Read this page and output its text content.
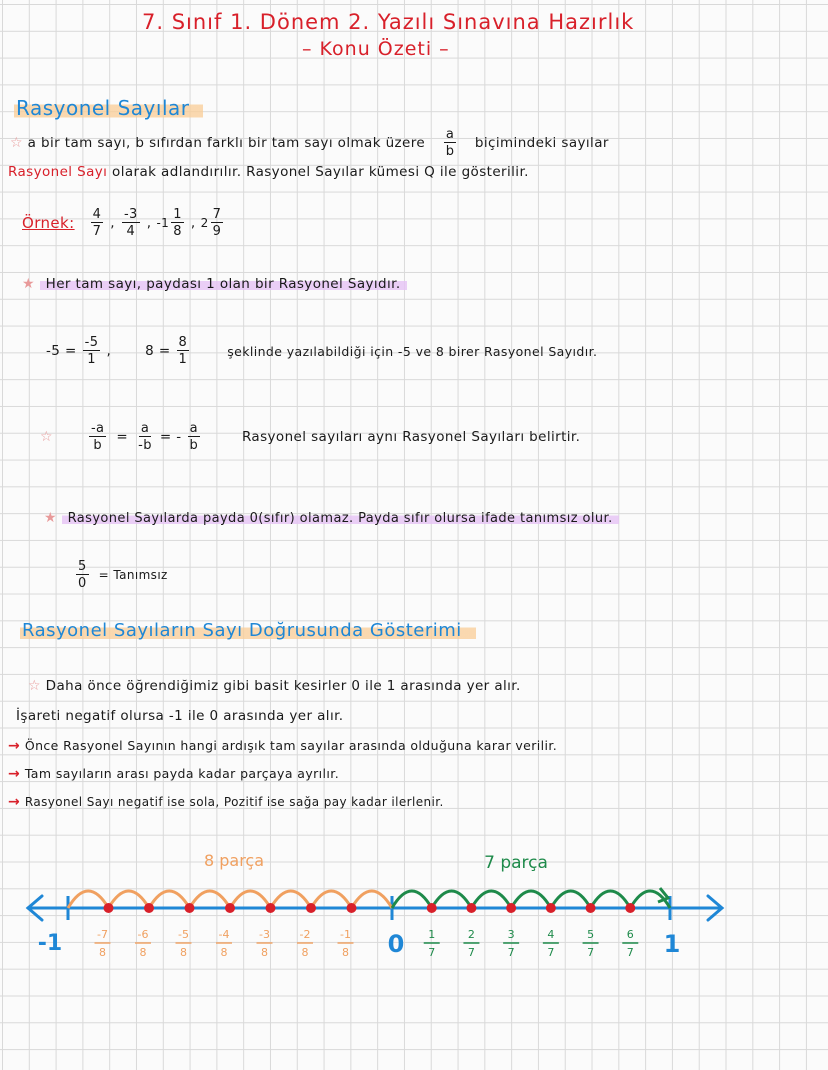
7. Sınıf 1. Dönem 2. Yazılı Sınavına Hazırlık
– Konu Özeti –
Rasyonel Sayılar
☆ a bir tam sayı, b sıfırdan farklı bir tam sayı olmak üzere $\frac{a}{b}$ biçimindeki sayılar
Rasyonel Sayı olarak adlandırılır. Rasyonel Sayılar kümesi Q ile gösterilir.
Örnek: $\frac{4}{7}$ , $\frac{-3}{4}$ , $-1 \frac{1}{8}$ , $2 \frac{7}{9}$
★ Her tam sayı, paydası 1 olan bir Rasyonel Sayıdır.
$-5 = \frac{-5}{1}$ ,	$8 = \frac{8}{1}$	şeklinde yazılabildiği için -5 ve 8 birer Rasyonel Sayıdır.
☆	$\frac{-a}{b} = \frac{a}{-b}$ = - $\frac{a}{b}$	Rasyonel sayıları aynı Rasyonel Sayıları belirtir.
★ Rasyonel Sayılarda payda 0(sıfır) olamaz. Payda sıfır olursa ifade tanımsız olur.
$\frac{5}{0}$ = Tanımsız
Rasyonel Sayıların Sayı Doğrusunda Gösterimi
☆ Daha önce öğrendiğimiz gibi basit kesirler 0 ile 1 arasında yer alır.
İşareti negatif olursa -1 ile 0 arasında yer alır.
→ Önce Rasyonel Sayının hangi ardışık tam sayılar arasında olduğuna karar verilir.
→ Tam sayıların arası payda kadar parçaya ayrılır.
→ Rasyonel Sayı negatif ise sola, Pozitif ise sağa pay kadar ilerlenir.
-7
8
-6
8
-5
8
-4
8
-3
8
-2
8
-1
8
1
7
2
7
3
7
4
7
5
7
6
7
-1	0	1
8 parça	7 parça
